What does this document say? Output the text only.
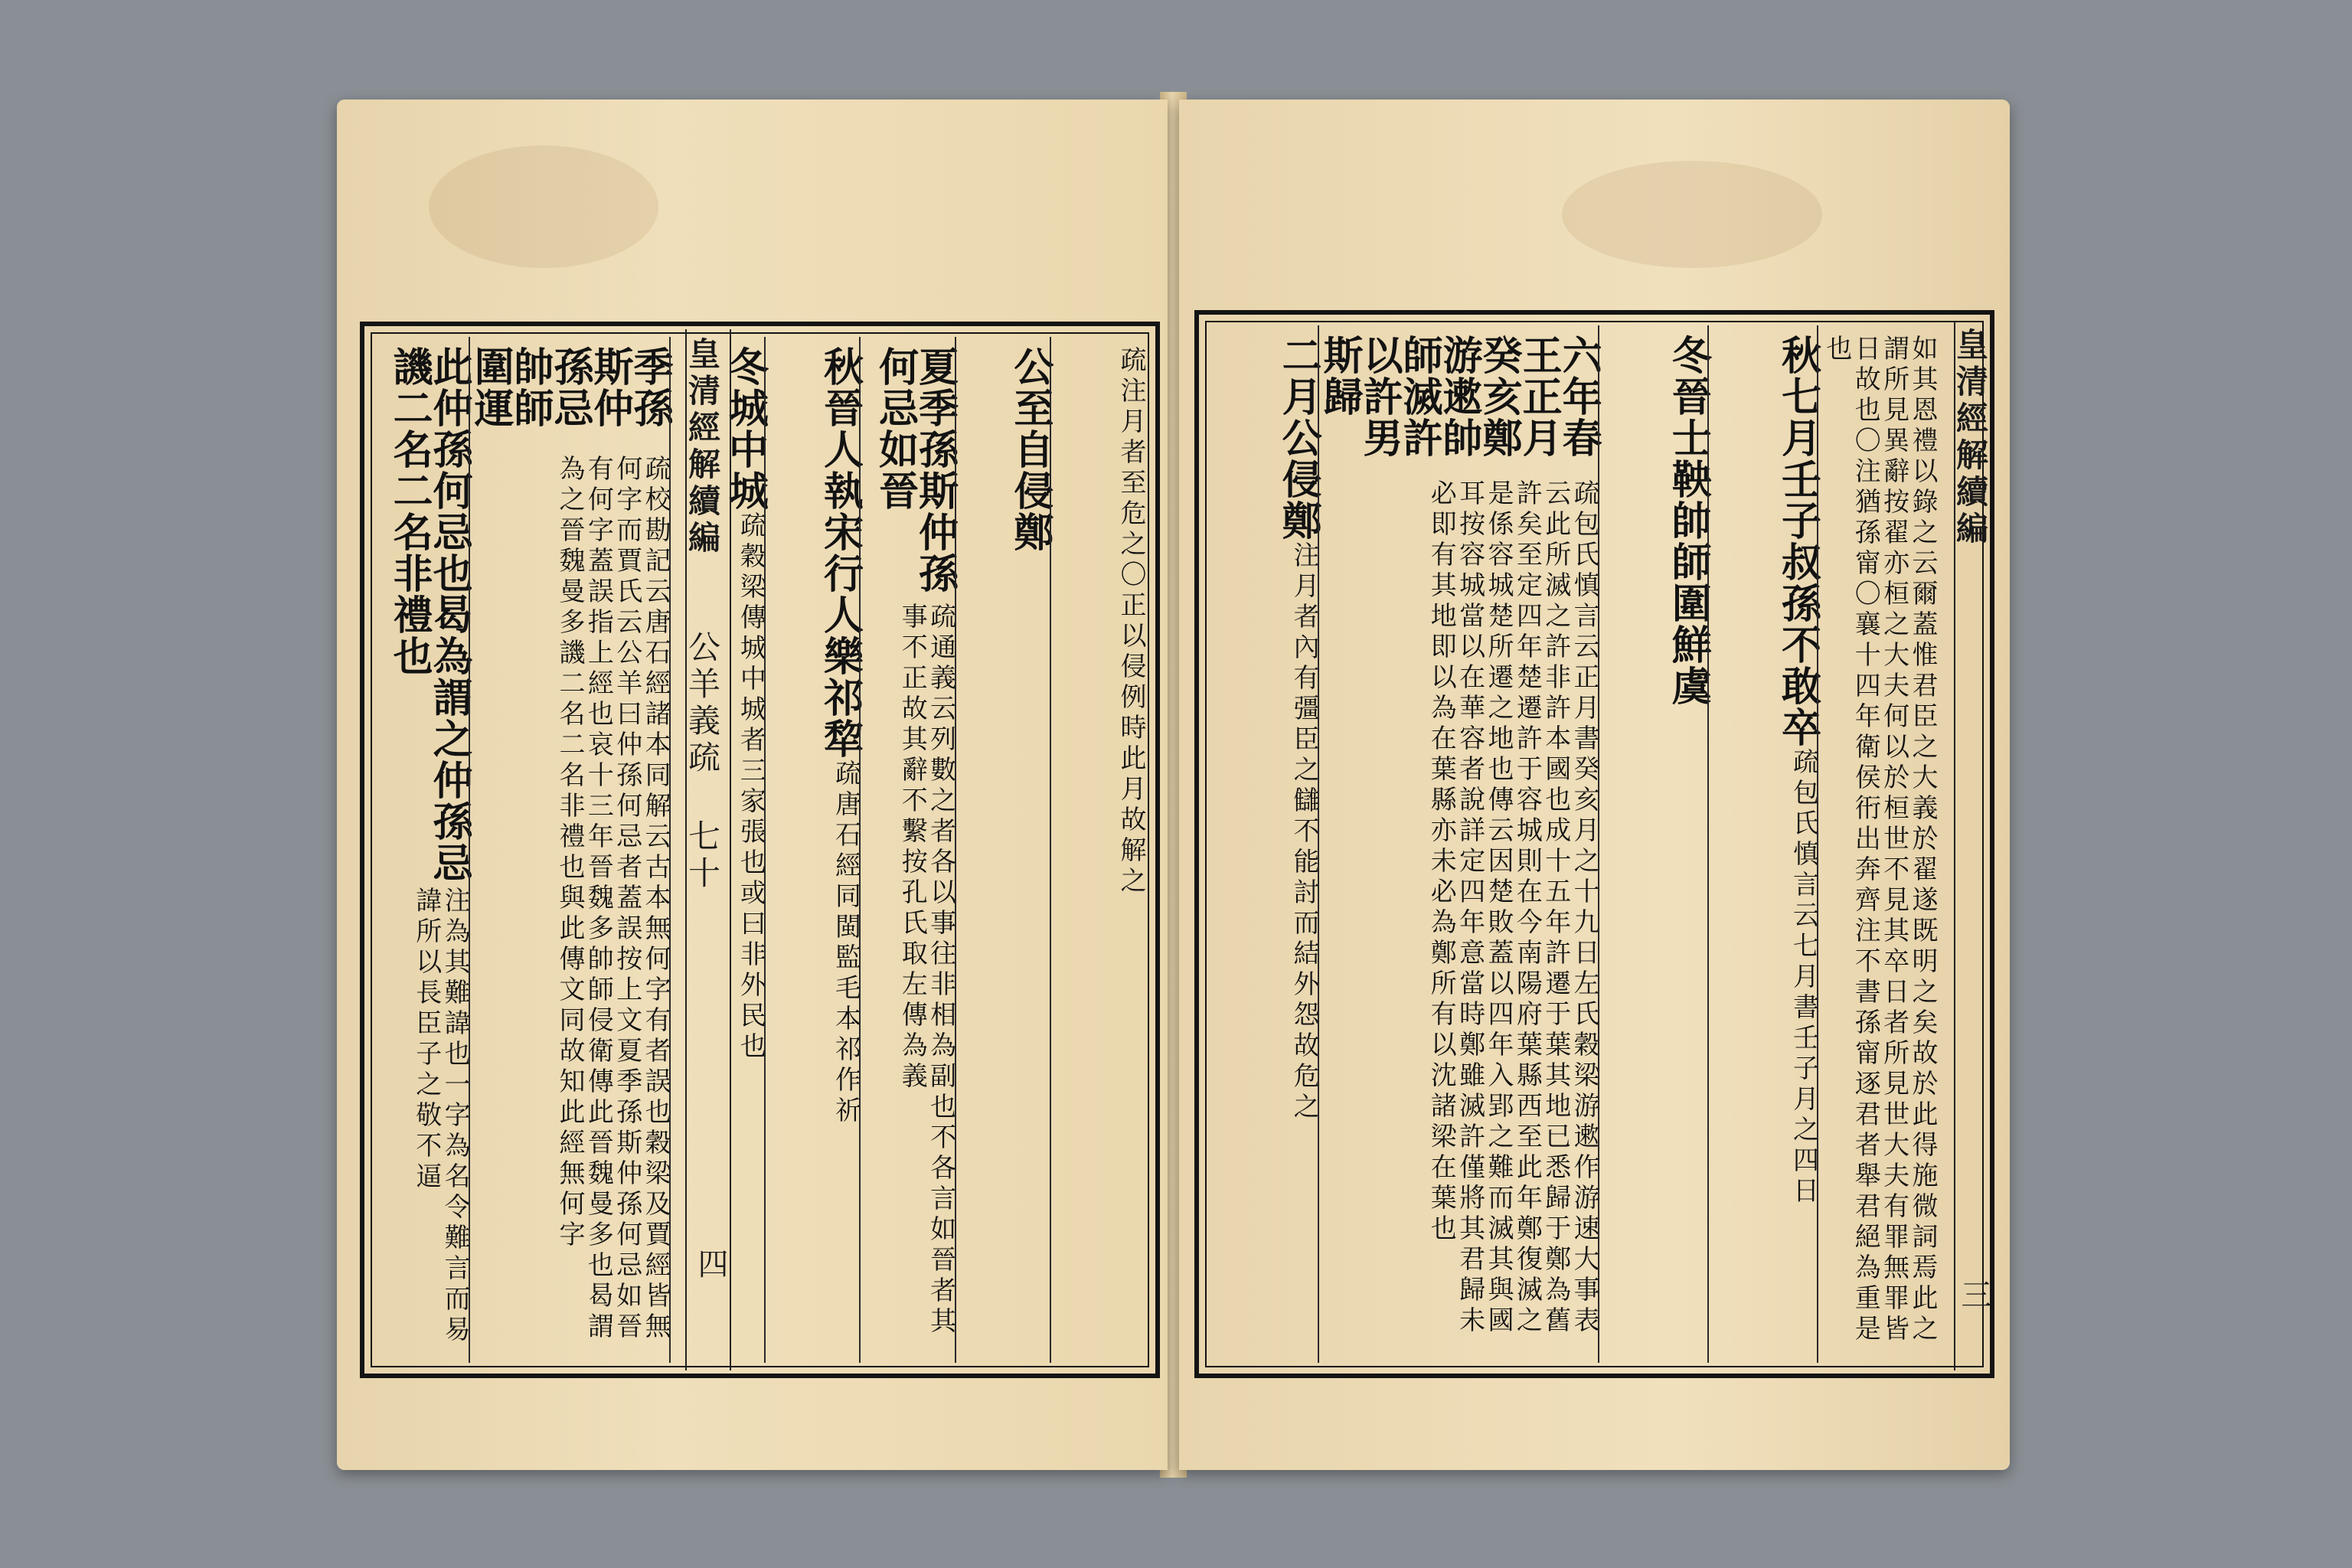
疏注月者至危之〇正以侵例時此月故解之
公至自侵鄭
夏季孫斯仲孫何忌如晉
疏通義云列數之者各以事往非相為副也不各言如晉者其事不正故其辭不繫按孔氏取左傳為義
秋晉人執宋行人樂祁犂
疏唐石經同閩監毛本祁作祈
冬城中城
疏穀梁傳城中城者三家張也或曰非外民也
季孫斯仲孫忌帥師圍運
疏校勘記云唐石經諸本同解云古本無何字有者誤也穀梁及賈經皆無何字而賈氏云公羊曰仲孫何忌者蓋誤按上文夏季孫斯仲孫何忌如晉有何字蓋誤指上經也哀十三年晉魏多帥師侵衛傳此晉魏曼多也曷謂為之晉魏曼多譏二名二名非禮也與此傳文同故知此經無何字
此仲孫何忌也曷為謂之仲孫忌譏二名二名非禮也
注為其難諱也一字為名令難言而易諱所以長臣子之敬不逼
皇清經解續編 公羊義疏 七十
四	如其恩禮以錄之云爾蓋惟君臣之大義於翟遂既明之矣故於此得施微詞焉此之謂所見異辭按翟亦桓之大夫何以於桓世不見其卒日者所見世大夫有罪無罪皆日故也〇注猶孫甯〇襄十四年衛侯衎出奔齊注不書孫甯逐君者舉君絕為重是也
秋七月壬子叔孫不敢卒
疏包氏慎言云七月書壬子月之四日
冬晉士鞅帥師圍鮮虞
六年春王正月癸亥鄭游遬帥師滅許以許男斯歸
疏包氏慎言云正月書癸亥月之十九日左氏穀梁游遬作游速大事表云此所滅之許非許本國也成十五年許遷于葉其地已悉歸于鄭為舊許矣至定四年楚遷許于容城則在今南陽府葉縣西至此年鄭復滅之是係容城楚所遷之地也傳云因楚敗蓋以四年入郢之難而滅其與國耳按容城當以在華容者說詳定四年意當時鄭雖滅許僅將其君歸未必即有其地即以為在葉縣亦未必為鄭所有以沈諸梁在葉也
二月公侵鄭
注月者內有彊臣之讎不能討而結外怨故危之
皇清經解續編
三
